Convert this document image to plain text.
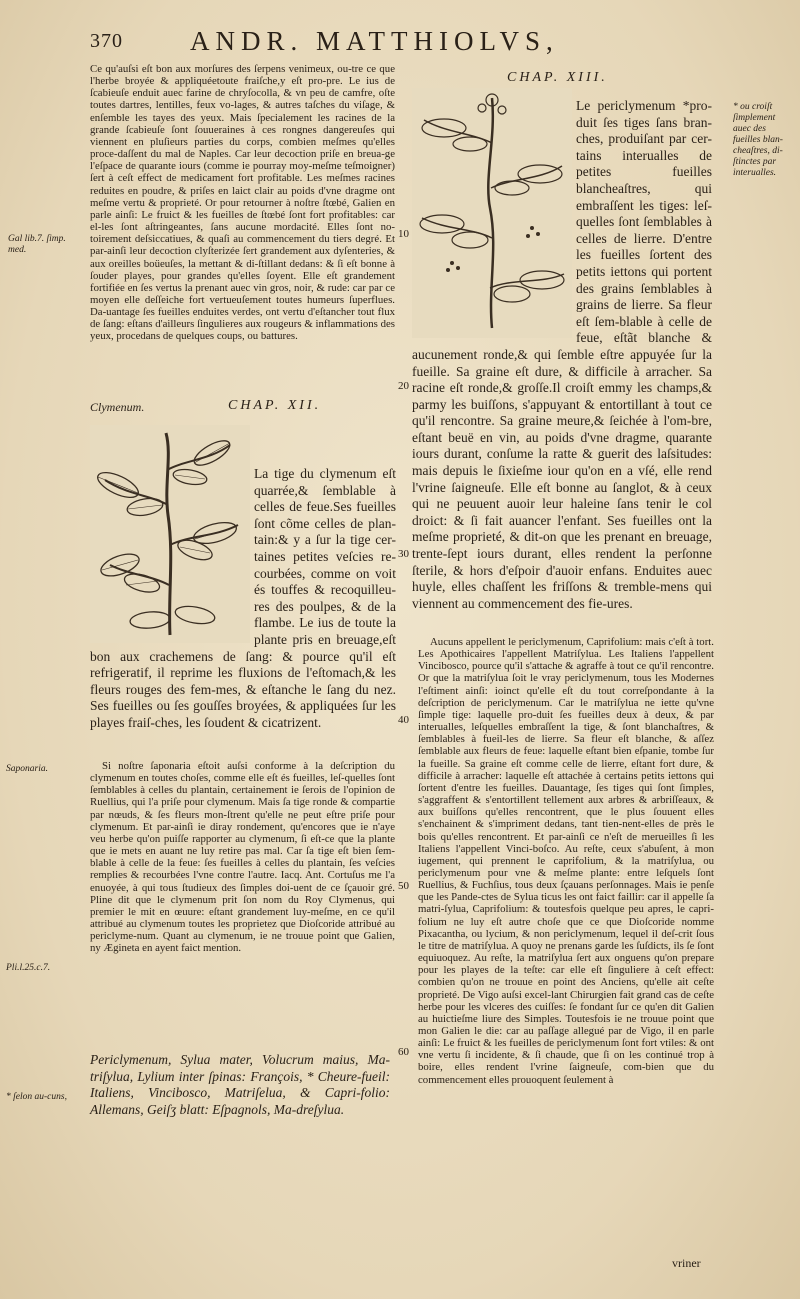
370 ANDR. MATTHIOLVS,

Ce qu'auſsi eſt bon aux morſures des ſerpens venimeux, ou-tre ce que l'herbe broyée & appliquéetoute fraiſche,y eſt pro-pre. Le ius de ſcabieuſe enduit auec farine de chryſocolla, & vn peu de camfre, oſte toutes dartres, lentilles, feux vo-lages, & autres taſches du viſage, & enſemble les tayes des yeux. Mais ſpecialement les racines de la grande ſcabieuſe ſont ſouueraines à ces rongnes dangereuſes qui viennent en pluſieurs parties du corps, combien meſmes qu'elles proce-daſſent du mal de Naples. Car leur decoction priſe en breua-ge l'eſpace de quarante iours (comme ie pourray moy-meſme teſmoigner) ſert à ceſt effect de medicament fort profitable. Les meſmes racines reduites en poudre, & priſes en laict clair au poids d'vne dragme ont meſme vertu & proprieté. Or pour retourner à noſtre ſtœbé, Galien en parle ainſi: Le fruict & les fueilles de ſtœbé ſont fort profitables: car el-les ſont aſtringeantes, ſans aucune mordacité. Elles ſont no-toirement deſsiccatiues, & quaſi au commencement du tiers degré. Et par-ainſi leur decoction clyſterizée ſert grandement aux dyſenteries, & aux oreilles boüeuſes, la mettant & di-ſtillant dedans: & ſi eſt bonne à ſouder playes, pour grandes qu'elles ſoyent. Elle eſt grandement fortifiée en ſes vertus la prenant auec vin gros, noir, & rude: car par ce moyen elle deſſeiche fort vertueuſement toutes humeurs ſuperflues. Da-uantage ſes fueilles enduites verdes, ont vertu d'eſtancher tout flux de ſang: eſtans d'ailleurs ſingulieres aux rougeurs & inflammations des yeux, procedans de quelques coups, ou battures.

Clymenum.	CHAP. XII.

La tige du clymenum eſt quarrée,& ſemblable à celles de feue.Ses fueilles ſont cõme celles de plan-tain:& y a ſur la tige cer-taines petites veſcies re-courbées, comme on voit és touffes & recoquilleu-res des poulpes, & de la flambe. Le ius de toute la plante pris en breuage,eſt bon aux crachemens de ſang: & pource qu'il eſt refrigeratif, il reprime les fluxions de l'eſtomach,& les fleurs rouges des fem-mes, & eſtanche le ſang du nez. Ses fueilles ou ſes gouſſes broyées, & appliquées ſur les playes fraiſ-ches, les ſoudent & cicatrizent.

Si noſtre ſaponaria eſtoit auſsi conforme à la deſcription du clymenum en toutes choſes, comme elle eſt és fueilles, leſ-quelles ſont ſemblables à celles du plantain, certainement ie ſerois de l'opinion de Ruellius, qui l'a priſe pour clymenum. Mais ſa tige ronde & compartie par nœuds, & ſes fleurs mon-ſtrent qu'elle ne peut eſtre priſe pour clymenum. Et par-ainſi ie diray rondement, qu'encores que ie n'aye veu herbe qu'on puiſſe rapporter au clymenum, ſi eſt-ce que la plante que ie mets en auant ne luy retire pas mal. Car ſa tige eſt bien ſem-blable à celle de la feue: ſes fueilles à celles du plantain, ſes veſcies remplies & recourbées l'vne contre l'autre. Iacq. Ant. Cortuſus me l'a enuoyée, à qui tous ſtudieux des ſimples doi-uent de ce ſçauoir gré. Pline dit que le clymenum prit ſon nom du Roy Clymenus, qui premier le mit en œuure: eſtant grandement luy-meſme, en ce qu'il attribué au clymenum toutes les proprietez que Dioſcoride attribué au periclyme-num. Quant au clymenum, ie ne trouue point que Galien, ny Ægineta en ayent faict mention.

Periclymenum, Sylua mater, Volucrum maius, Ma-triſylua, Lylium inter ſpinas: François, * Cheure-fueil: Italiens, Vincibosco, Matriſelua, & Capri-folio: Allemans, Geiſʒ blatt: Eſpagnols, Ma-dreſylua.

CHAP. XIII.

Le periclymenum *pro-duit ſes tiges ſans bran-ches, produiſant par cer-tains interualles de petites fueilles blancheaſtres, qui embraſſent les tiges: leſ-quelles ſont ſemblables à celles de lierre. D'entre les fueilles ſortent des petits iettons qui portent des grains ſemblables à grains de lierre. Sa fleur eſt ſem-blable à celle de feue, eſtãt blanche & aucunement ronde,& qui ſemble eſtre appuyée ſur la fueille. Sa graine eſt dure, & difficile à arracher. Sa racine eſt ronde,& groſſe.Il croiſt emmy les champs,& parmy les buiſſons, s'appuyant & entortillant à tout ce qu'il rencontre. Sa graine meure,& ſeichée à l'om-bre, eſtant beuë en vin, au poids d'vne dragme, quarante iours durant, conſume la ratte & guerit des laſsitudes: mais depuis le ſixieſme iour qu'on en a vſé, elle rend l'vrine ſaigneuſe. Elle eſt bonne au ſanglot, & à ceux qui ne peuuent auoir leur haleine ſans tenir le col droict: & ſi fait auancer l'enfant. Ses fueilles ont la meſme proprieté, & dit-on que les prenant en breuage, trente-ſept iours durant, elles rendent la perſonne ſterile, & hors d'eſpoir d'auoir enfans. Enduites auec huyle, elles chaſſent les friſſons & tremble-mens qui viennent au commencement des fie-ures.

Aucuns appellent le periclymenum, Caprifolium: mais c'eſt à tort. Les Apothicaires l'appellent Matriſylua. Les Italiens l'appellent Vincibosco, pource qu'il s'attache & agraffe à tout ce qu'il rencontre. Or que la matriſylua ſoit le vray periclymenum, tous les Modernes l'eſtiment ainſi: ioinct qu'elle eſt du tout correſpondante à la deſcription de periclymenum. Car le matriſylua ne iette qu'vne ſimple tige: laquelle pro-duit ſes fueilles deux à deux, & par interualles, leſquelles embraſſent la tige, & ſont blanchaſtres, & ſemblables à fueil-les de lierre. Sa fleur eſt blanche, & aſſez ſemblable aux fleurs de feue: laquelle eſtant bien eſpanie, tombe ſur la fueille. Sa graine eſt comme celle de lierre, eſtant fort dure, & difficile à arracher: laquelle eſt attachée à certains petits iettons qui ſortent d'entre les fueilles. Dauantage, ſes tiges qui ſont ſimples, s'aggraffent & s'entortillent tellement aux arbres & arbriſſeaux, & aux buiſſons qu'elles rencontrent, que le plus ſouuent elles s'enchainent & s'impriment dedans, tant tien-nent-elles de près le bois qu'elles rencontrent. Et par-ainſi ce n'eſt de merueilles ſi les Italiens l'appellent Vinci-boſco. Au reſte, ceux s'abuſent, à mon iugement, qui prennent le caprifolium, & la matriſylua, ou periclymenum pour vne & meſme plante: entre leſquels ſont Ruellius, & Fuchſius, tous deux ſçauans perſonnages. Mais ie penſe que les Pande-ctes de Sylua ticus les ont faict faillir: car il appelle ſa matri-ſylua, Caprifolium: & toutesfois quelque peu apres, le capri-folium ne luy eſt autre choſe que ce que Dioſcoride nomme Pixacantha, ou lycium, & non periclymenum, lequel il deſ-crit ſous le titre de matriſylua. A quoy ne prenans garde les ſuſdicts, ils ſe ſont equiuoquez. Au reſte, la matriſylua ſert aux onguens qu'on prepare pour les playes de la teſte: car elle eſt ſinguliere à ceſt effect: combien qu'on ne trouue en point des Anciens, qu'elle ait ceſte proprieté. De Vigo auſsi excel-lant Chirurgien fait grand cas de ceſte herbe pour les vlceres des cuiſſes: ſe fondant ſur ce qu'en dit Galien au huictieſme liure des Simples. Toutesfois ie ne trouue point que mon Galien le die: car au paſſage allegué par de Vigo, il en parle ainſi: Le fruict & les fueilles de periclymenum ſont fort vtiles: & ont vne vertu ſi incidente, & ſi chaude, que ſi on les continué trop à boire, elles rendent l'vrine ſaigneuſe, com-bien que du commencement elles prouoquent ſeulement à

vriner
Gal lib.7. ſimp. med.
Saponaria.
Pli.l.25.c.7.
* ſelon au-cuns,
* ou croiſt ſimplement auec des fueilles blan-cheaſtres, di-ſtinctes par interualles.
10
20
30
40
50
60
